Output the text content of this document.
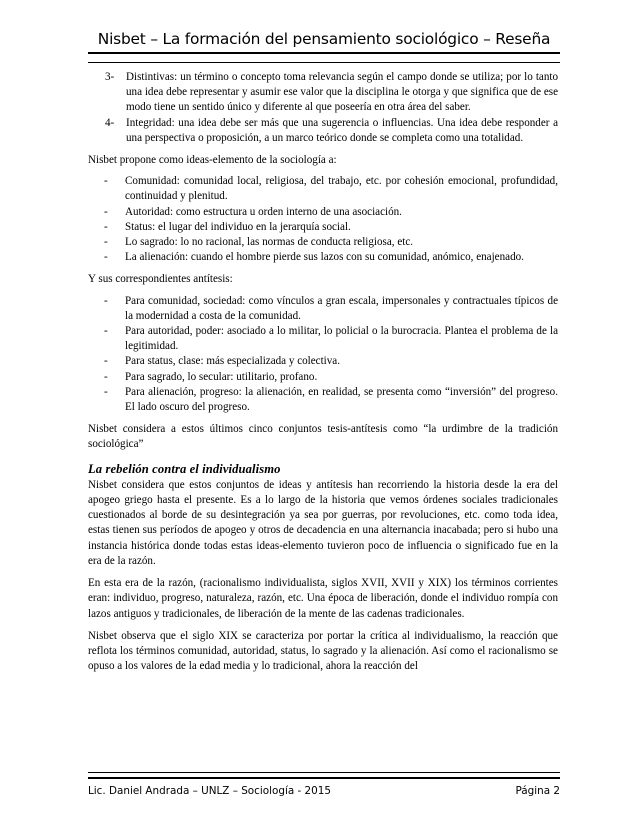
Nisbet – La formación del pensamiento sociológico – Reseña
3- Distintivas: un término o concepto toma relevancia según el campo donde se utiliza; por lo tanto una idea debe representar y asumir ese valor que la disciplina le otorga y que significa que de ese modo tiene un sentido único y diferente al que poseería en otra área del saber.
4- Integridad: una idea debe ser más que una sugerencia o influencias. Una idea debe responder a una perspectiva o proposición, a un marco teórico donde se completa como una totalidad.

Nisbet propone como ideas-elemento de la sociología a:

- Comunidad: comunidad local, religiosa, del trabajo, etc. por cohesión emocional, profundidad, continuidad y plenitud.
- Autoridad: como estructura u orden interno de una asociación.
- Status: el lugar del individuo en la jerarquía social.
- Lo sagrado: lo no racional, las normas de conducta religiosa, etc.
- La alienación: cuando el hombre pierde sus lazos con su comunidad, anómico, enajenado.

Y sus correspondientes antítesis:

- Para comunidad, sociedad: como vínculos a gran escala, impersonales y contractuales típicos de la modernidad a costa de la comunidad.
- Para autoridad, poder: asociado a lo militar, lo policial o la burocracia. Plantea el problema de la legitimidad.
- Para status, clase: más especializada y colectiva.
- Para sagrado, lo secular: utilitario, profano.
- Para alienación, progreso: la alienación, en realidad, se presenta como “inversión” del progreso. El lado oscuro del progreso.

Nisbet considera a estos últimos cinco conjuntos tesis-antítesis como “la urdimbre de la tradición sociológica”

La rebelión contra el individualismo

Nisbet considera que estos conjuntos de ideas y antítesis han recorriendo la historia desde la era del apogeo griego hasta el presente. Es a lo largo de la historia que vemos órdenes sociales tradicionales cuestionados al borde de su desintegración ya sea por guerras, por revoluciones, etc. como toda idea, estas tienen sus períodos de apogeo y otros de decadencia en una alternancia inacabada; pero si hubo una instancia histórica donde todas estas ideas-elemento tuvieron poco de influencia o significado fue en la era de la razón.

En esta era de la razón, (racionalismo individualista, siglos XVII, XVII y XIX) los términos corrientes eran: individuo, progreso, naturaleza, razón, etc. Una época de liberación, donde el individuo rompía con lazos antiguos y tradicionales, de liberación de la mente de las cadenas tradicionales.

Nisbet observa que el siglo XIX se caracteriza por portar la crítica al individualismo, la reacción que reflota los términos comunidad, autoridad, status, lo sagrado y la alienación. Así como el racionalismo se opuso a los valores de la edad media y lo tradicional, ahora la reacción del

Lic. Daniel Andrada – UNLZ – Sociología - 2015	Página 2
